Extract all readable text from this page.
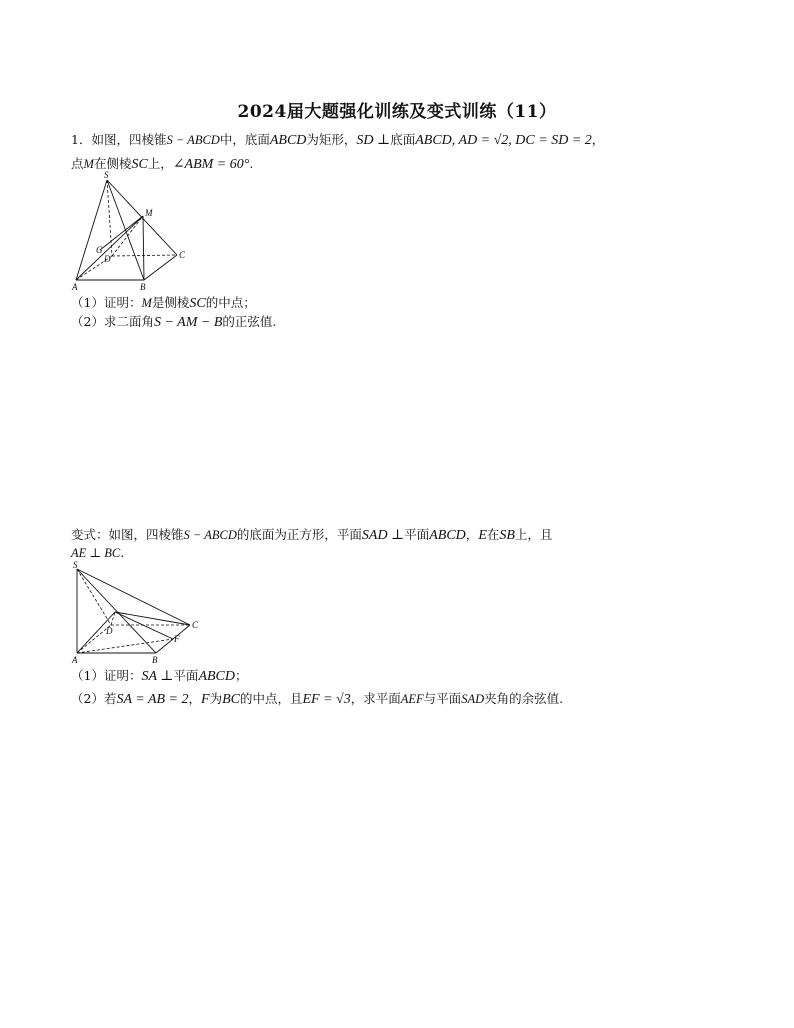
2024届大题强化训练及变式训练（11）
1．如图，四棱锥S − ABCD中，底面ABCD为矩形，SD ⊥底面ABCD, AD = √2, DC = SD = 2，
点M在侧棱SC上，∠ABM = 60°.
S
M
G
D	C
A	B
（1）证明：M是侧棱SC的中点；
（2）求二面角S − AM − B的正弦值.
变式：如图，四棱锥S − ABCD的底面为正方形，平面SAD ⊥平面ABCD，E在SB上，且
AE ⊥ BC.
S
D
C
F
A	B
（1）证明：SA ⊥平面ABCD；
（2）若SA = AB = 2，F为BC的中点，且EF = √3，求平面AEF与平面SAD夹角的余弦值.
